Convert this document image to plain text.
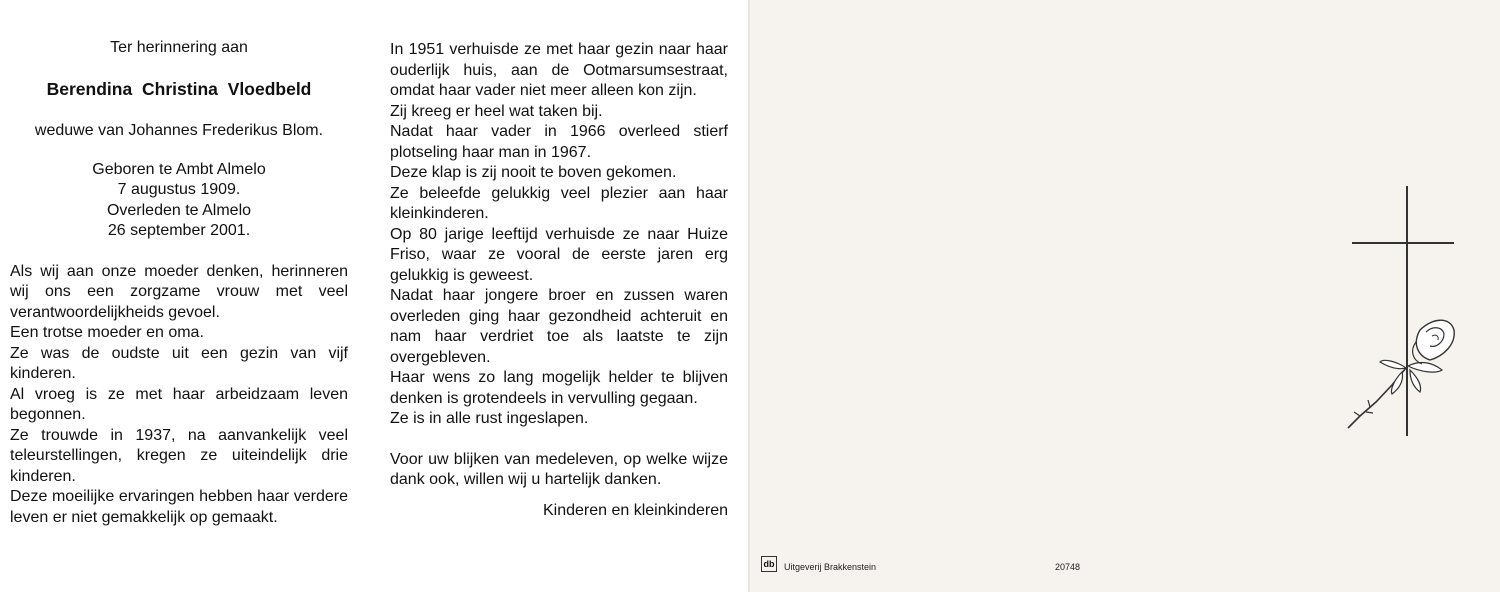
Ter herinnering aan

Berendina Christina Vloedbeld

weduwe van Johannes Frederikus Blom.

Geboren te Ambt Almelo
7 augustus 1909.
Overleden te Almelo
26 september 2001.

Als wij aan onze moeder denken, herinneren wij ons een zorgzame vrouw met veel verantwoordelijkheids gevoel.

Een trotse moeder en oma.

Ze was de oudste uit een gezin van vijf kinderen.

Al vroeg is ze met haar arbeidzaam leven begonnen.

Ze trouwde in 1937, na aanvankelijk veel teleurstellingen, kregen ze uiteindelijk drie kinderen.

Deze moeilijke ervaringen hebben haar verdere leven er niet gemakkelijk op gemaakt.

In 1951 verhuisde ze met haar gezin naar haar ouderlijk huis, aan de Ootmarsumsestraat, omdat haar vader niet meer alleen kon zijn.

Zij kreeg er heel wat taken bij.

Nadat haar vader in 1966 overleed stierf plotseling haar man in 1967.

Deze klap is zij nooit te boven gekomen.

Ze beleefde gelukkig veel plezier aan haar kleinkinderen.

Op 80 jarige leeftijd verhuisde ze naar Huize Friso, waar ze vooral de eerste jaren erg gelukkig is geweest.

Nadat haar jongere broer en zussen waren overleden ging haar gezondheid achteruit en nam haar verdriet toe als laatste te zijn overgebleven.

Haar wens zo lang mogelijk helder te blijven denken is grotendeels in vervulling gegaan.

Ze is in alle rust ingeslapen.

Voor uw blijken van medeleven, op welke wijze dank ook, willen wij u hartelijk danken.

Kinderen en kleinkinderen

db Uitgeverij Brakkenstein	20748
